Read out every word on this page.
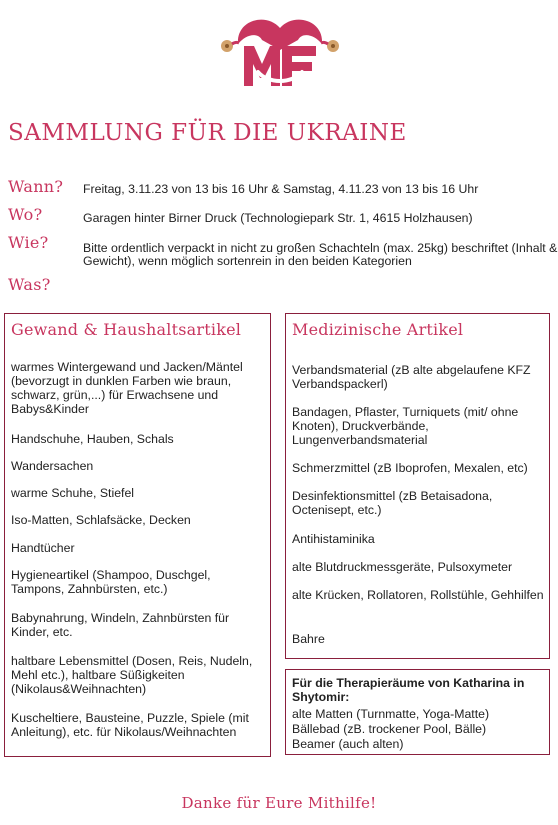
SAMMLUNG FÜR DIE UKRAINE
Wann? Freitag, 3.11.23 von 13 bis 16 Uhr & Samstag, 4.11.23 von 13 bis 16 Uhr
Wo?	Garagen hinter Birner Druck (Technologiepark Str. 1, 4615 Holzhausen)
Wie?	Bitte ordentlich verpackt in nicht zu großen Schachteln (max. 25kg) beschriftet (Inhalt & Gewicht), wenn möglich sortenrein in den beiden Kategorien
Was?
Gewand & Haushaltsartikel
warmes Wintergewand und Jacken/Mäntel (bevorzugt in dunklen Farben wie braun, schwarz, grün,...) für Erwachsene und Babys&Kinder
Handschuhe, Hauben, Schals
Wandersachen
warme Schuhe, Stiefel
Iso-Matten, Schlafsäcke, Decken
Handtücher
Hygieneartikel (Shampoo, Duschgel, Tampons, Zahnbürsten, etc.)
Babynahrung, Windeln, Zahnbürsten für Kinder, etc.
haltbare Lebensmittel (Dosen, Reis, Nudeln, Mehl etc.), haltbare Süßigkeiten (Nikolaus&Weihnachten)
Kuscheltiere, Bausteine, Puzzle, Spiele (mit Anleitung), etc. für Nikolaus/Weihnachten
Medizinische Artikel
Verbandsmaterial (zB alte abgelaufene KFZ Verbandspackerl)
Bandagen, Pflaster, Turniquets (mit/ ohne Knoten), Druckverbände, Lungenverbandsmaterial
Schmerzmittel (zB Iboprofen, Mexalen, etc)
Desinfektionsmittel (zB Betaisadona, Octenisept, etc.)
Antihistaminika
alte Blutdruckmessgeräte, Pulsoxymeter
alte Krücken, Rollatoren, Rollstühle, Gehhilfen
Bahre
Für die Therapieräume von Katharina in Shytomir:
alte Matten (Turnmatte, Yoga-Matte)
Bällebad (zB. trockener Pool, Bälle)
Beamer (auch alten)
Danke für Eure Mithilfe!
